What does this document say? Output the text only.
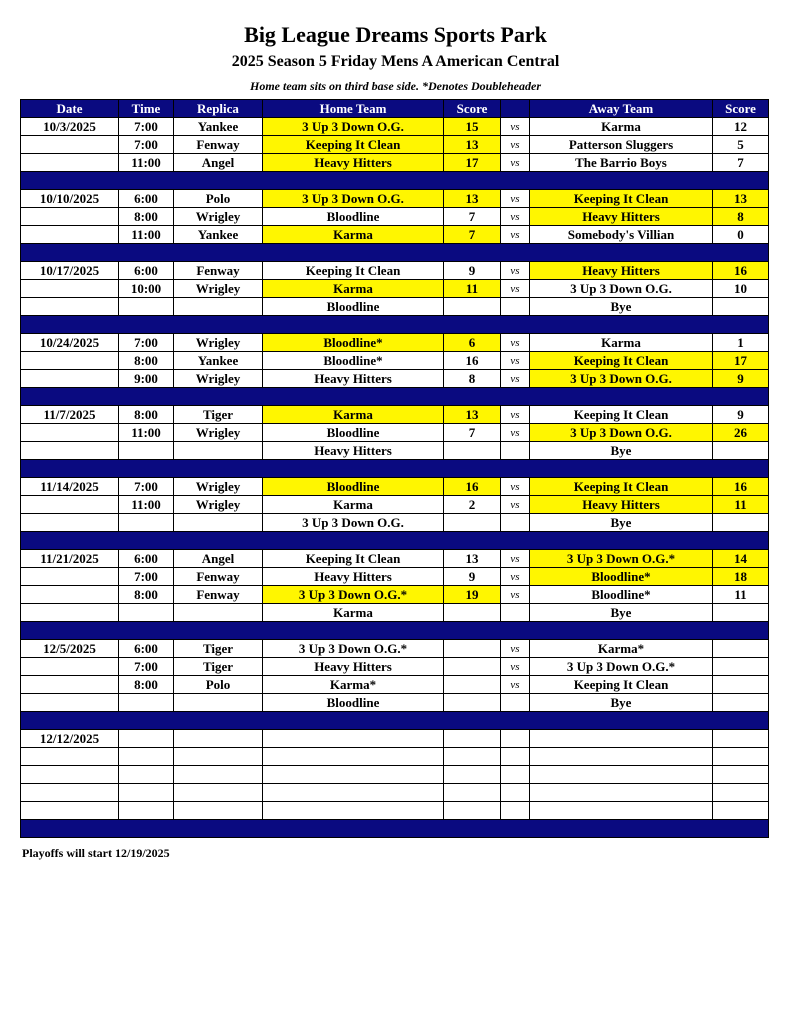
Big League Dreams Sports Park
2025 Season 5 Friday Mens A American Central
Home team sits on third base side. *Denotes Doubleheader
Date	Time	Replica	Home Team	Score		Away Team	Score
10/3/2025	7:00	Yankee	3 Up 3 Down O.G.	15	vs	Karma	12
	7:00	Fenway	Keeping It Clean	13	vs	Patterson Sluggers	5
	11:00	Angel	Heavy Hitters	17	vs	The Barrio Boys	7

10/10/2025	6:00	Polo	3 Up 3 Down O.G.	13	vs	Keeping It Clean	13
	8:00	Wrigley	Bloodline	7	vs	Heavy Hitters	8
	11:00	Yankee	Karma	7	vs	Somebody's Villian	0

10/17/2025	6:00	Fenway	Keeping It Clean	9	vs	Heavy Hitters	16
	10:00	Wrigley	Karma	11	vs	3 Up 3 Down O.G.	10
			Bloodline			Bye	

10/24/2025	7:00	Wrigley	Bloodline*	6	vs	Karma	1
	8:00	Yankee	Bloodline*	16	vs	Keeping It Clean	17
	9:00	Wrigley	Heavy Hitters	8	vs	3 Up 3 Down O.G.	9

11/7/2025	8:00	Tiger	Karma	13	vs	Keeping It Clean	9
	11:00	Wrigley	Bloodline	7	vs	3 Up 3 Down O.G.	26
			Heavy Hitters			Bye	

11/14/2025	7:00	Wrigley	Bloodline	16	vs	Keeping It Clean	16
	11:00	Wrigley	Karma	2	vs	Heavy Hitters	11
			3 Up 3 Down O.G.			Bye	

11/21/2025	6:00	Angel	Keeping It Clean	13	vs	3 Up 3 Down O.G.*	14
	7:00	Fenway	Heavy Hitters	9	vs	Bloodline*	18
	8:00	Fenway	3 Up 3 Down O.G.*	19	vs	Bloodline*	11
			Karma			Bye	

12/5/2025	6:00	Tiger	3 Up 3 Down O.G.*		vs	Karma*	
	7:00	Tiger	Heavy Hitters		vs	3 Up 3 Down O.G.*	
	8:00	Polo	Karma*		vs	Keeping It Clean	
			Bloodline			Bye	

12/12/2025							

Playoffs will start 12/19/2025
